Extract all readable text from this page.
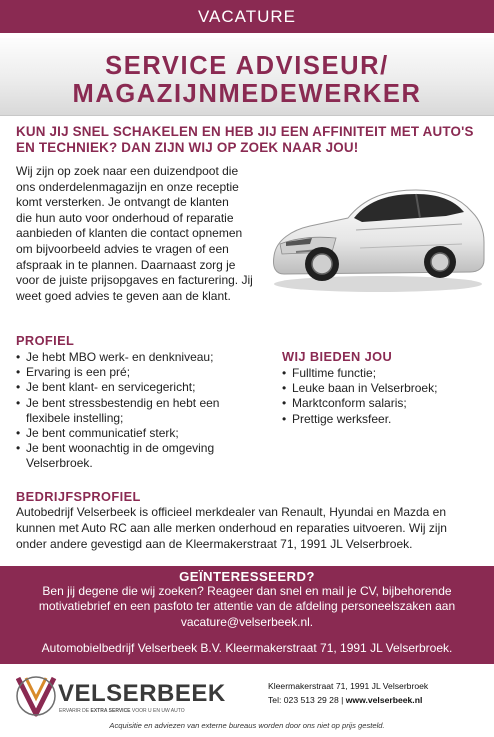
VACATURE
SERVICE ADVISEUR/
MAGAZIJNMEDEWERKER
KUN JIJ SNEL SCHAKELEN EN HEB JIJ EEN AFFINITEIT MET AUTO'S EN TECHNIEK? DAN ZIJN WIJ OP ZOEK NAAR JOU!
Wij zijn op zoek naar een duizendpoot die
ons onderdelenmagazijn en onze receptie
komt versterken. Je ontvangt de klanten
die hun auto voor onderhoud of reparatie
aanbieden of klanten die contact opnemen
om bijvoorbeeld advies te vragen of een
afspraak in te plannen. Daarnaast zorg je
voor de juiste prijsopgaves en facturering. Jij
weet goed advies te geven aan de klant.
PROFIEL
• Je hebt MBO werk- en denkniveau;
• Ervaring is een pré;
• Je bent klant- en servicegericht;
• Je bent stressbestendig en hebt een flexibele instelling;
• Je bent communicatief sterk;
• Je bent woonachtig in de omgeving Velserbroek.
WIJ BIEDEN JOU
• Fulltime functie;
• Leuke baan in Velserbroek;
• Marktconform salaris;
• Prettige werksfeer.
BEDRIJFSPROFIEL
Autobedrijf Velserbeek is officieel merkdealer van Renault, Hyundai en Mazda en
kunnen met Auto RC aan alle merken onderhoud en reparaties uitvoeren. Wij zijn
onder andere gevestigd aan de Kleermakerstraat 71, 1991 JL Velserbroek.
GEÏNTERESSEERD?
Ben jij degene die wij zoeken? Reageer dan snel en mail je CV, bijbehorende
motivatiebrief en een pasfoto ter attentie van de afdeling personeelszaken aan
vacature@velserbeek.nl.
Automobielbedrijf Velserbeek B.V. Kleermakerstraat 71, 1991 JL Velserbroek.
VELSERBEEK
ERVARIR DE EXTRA SERVICE VOOR U EN UW AUTO
Kleermakerstraat 71, 1991 JL Velserbroek
Tel: 023 513 29 28 | www.velserbeek.nl
Acquisitie en adviezen van externe bureaus worden door ons niet op prijs gesteld.
